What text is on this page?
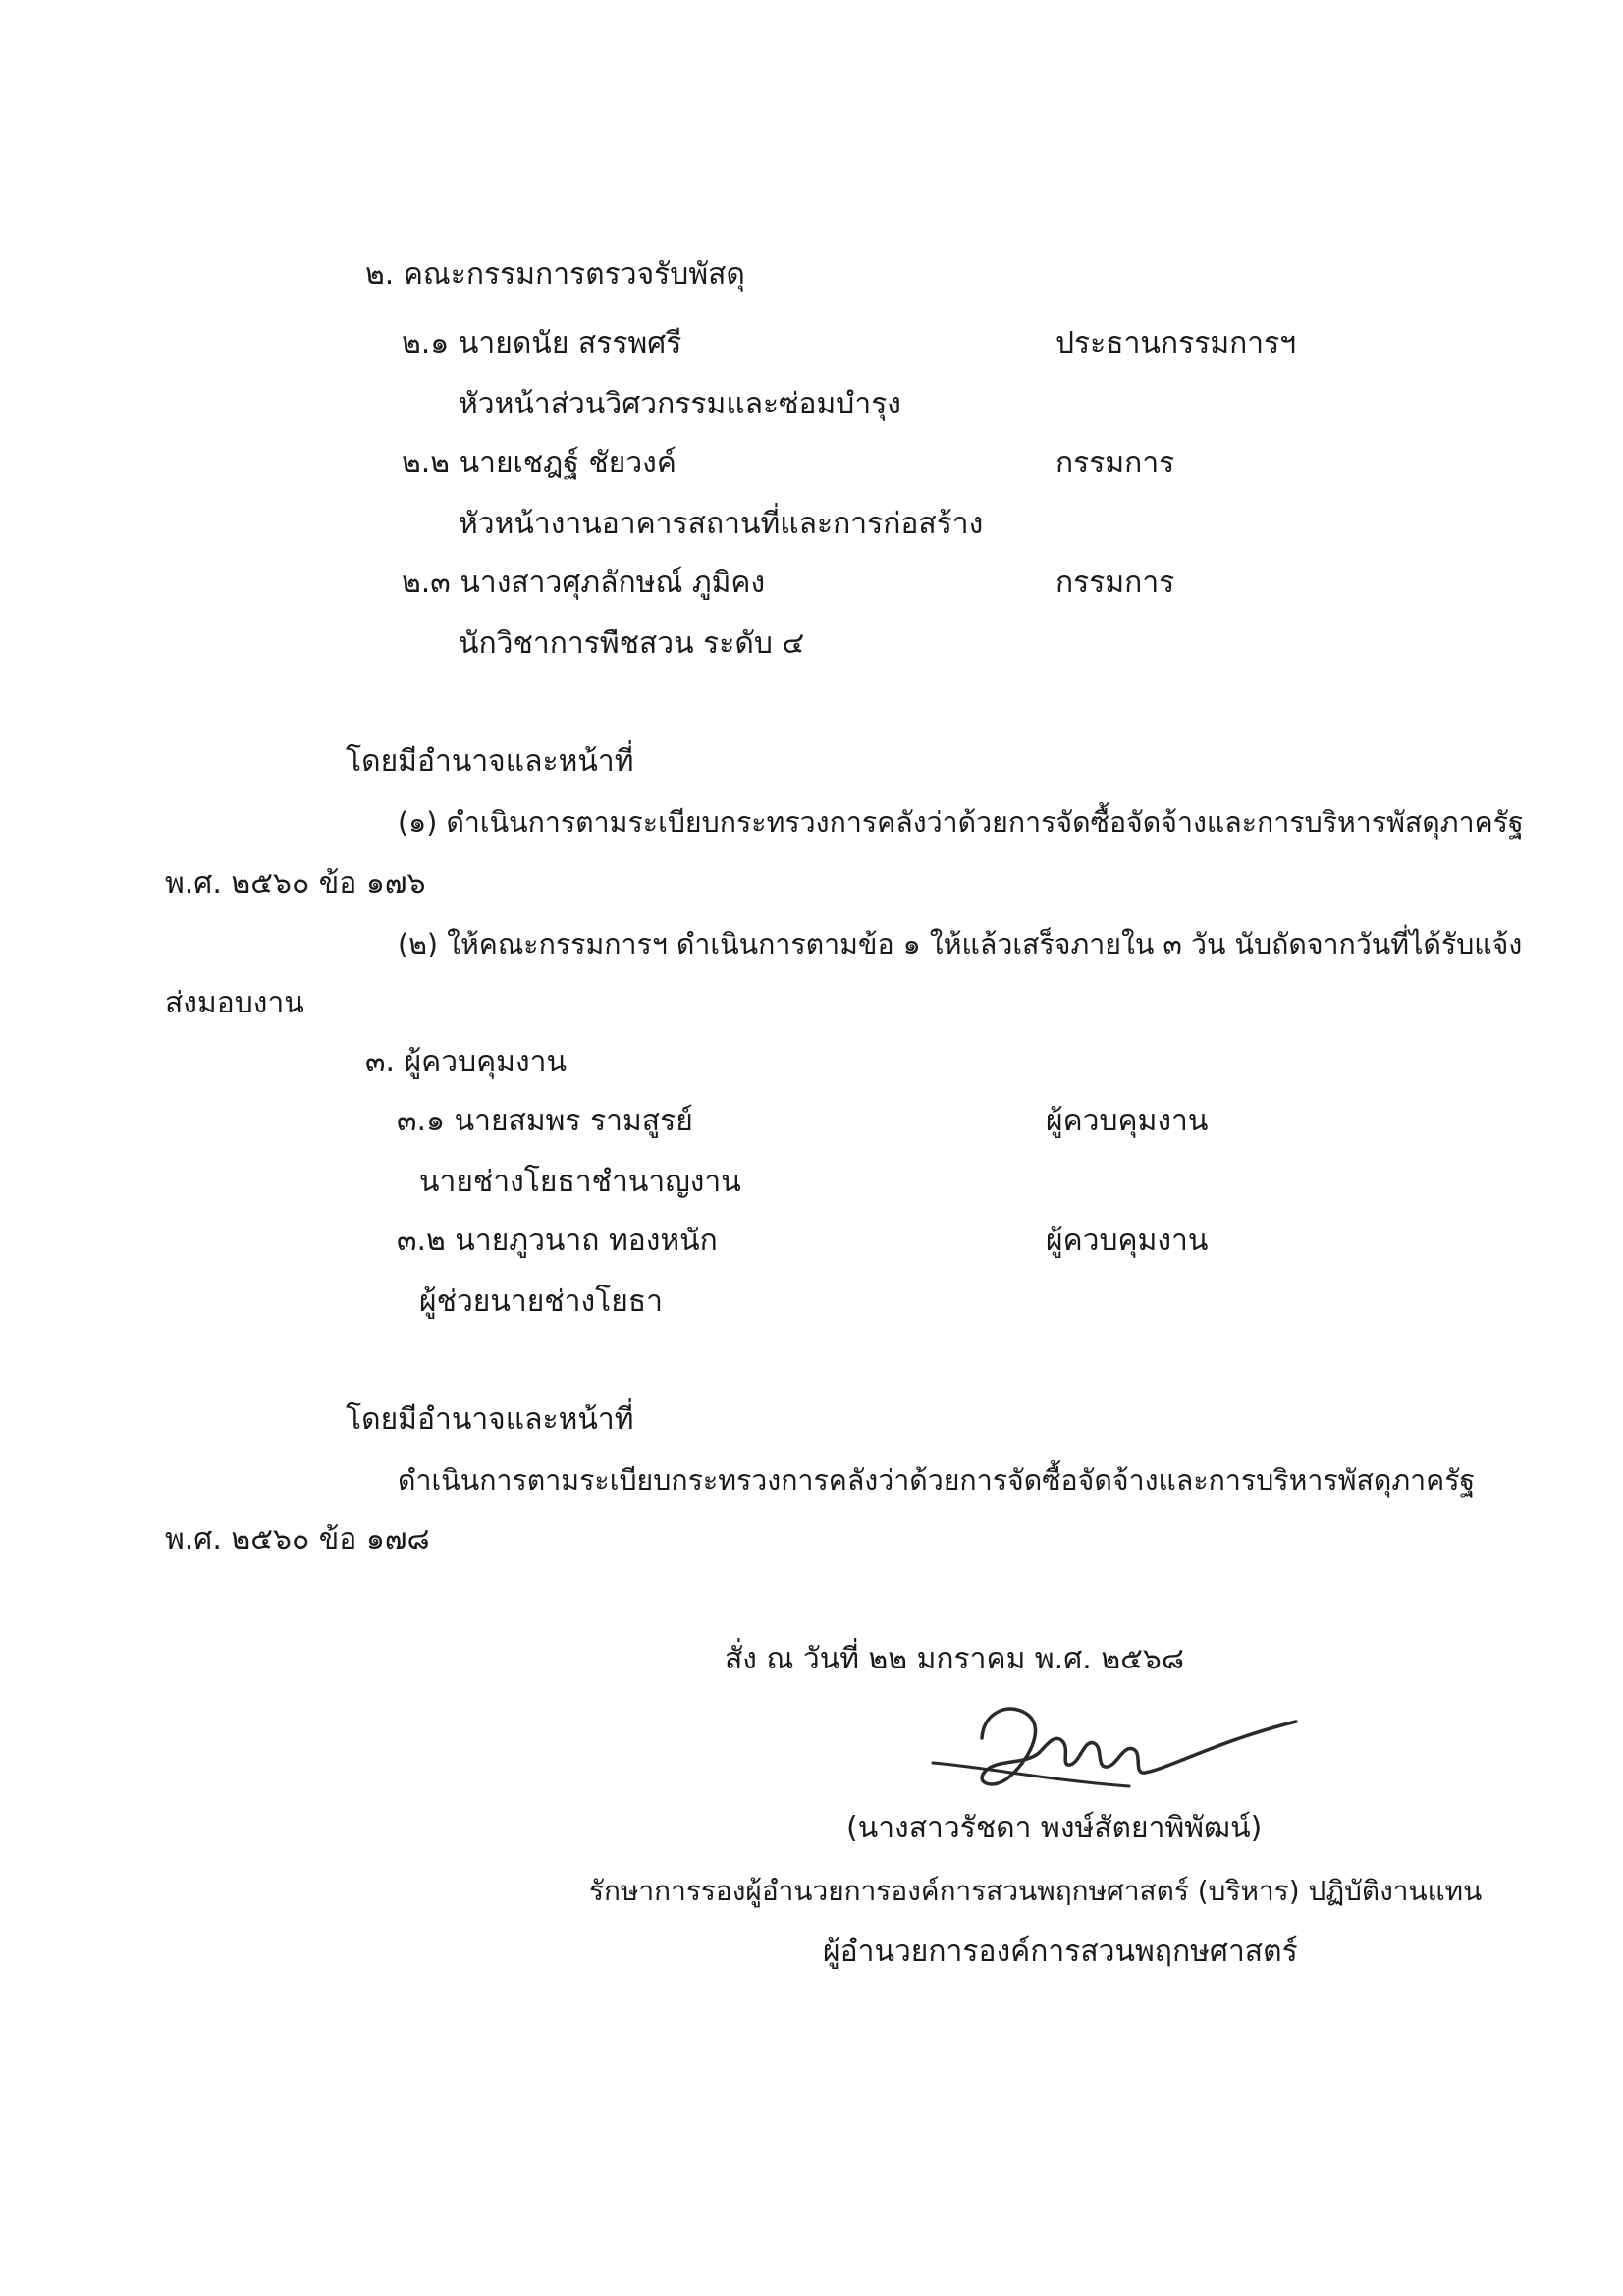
๒. คณะกรรมการตรวจรับพัสดุ

๒.๑ นายดนัย สรรพศรี	ประธานกรรมการฯ

หัวหน้าส่วนวิศวกรรมและซ่อมบำรุง

๒.๒ นายเชฎฐ์ ชัยวงค์	กรรมการ

หัวหน้างานอาคารสถานที่และการก่อสร้าง

๒.๓ นางสาวศุภลักษณ์ ภูมิคง	กรรมการ

นักวิชาการพืชสวน ระดับ ๔

โดยมีอำนาจและหน้าที่

(๑) ดำเนินการตามระเบียบกระทรวงการคลังว่าด้วยการจัดซื้อจัดจ้างและการบริหารพัสดุภาครัฐ

พ.ศ. ๒๕๖๐ ข้อ ๑๗๖

(๒) ให้คณะกรรมการฯ ดำเนินการตามข้อ ๑ ให้แล้วเสร็จภายใน ๓ วัน นับถัดจากวันที่ได้รับแจ้ง

ส่งมอบงาน

๓. ผู้ควบคุมงาน

๓.๑ นายสมพร รามสูรย์	ผู้ควบคุมงาน

นายช่างโยธาชำนาญงาน

๓.๒ นายภูวนาถ ทองหนัก	ผู้ควบคุมงาน

ผู้ช่วยนายช่างโยธา

โดยมีอำนาจและหน้าที่

ดำเนินการตามระเบียบกระทรวงการคลังว่าด้วยการจัดซื้อจัดจ้างและการบริหารพัสดุภาครัฐ

พ.ศ. ๒๕๖๐ ข้อ ๑๗๘

สั่ง ณ วันที่ ๒๒ มกราคม พ.ศ. ๒๕๖๘

(นางสาวรัชดา พงษ์สัตยาพิพัฒน์)

รักษาการรองผู้อำนวยการองค์การสวนพฤกษศาสตร์ (บริหาร) ปฏิบัติงานแทน

ผู้อำนวยการองค์การสวนพฤกษศาสตร์
